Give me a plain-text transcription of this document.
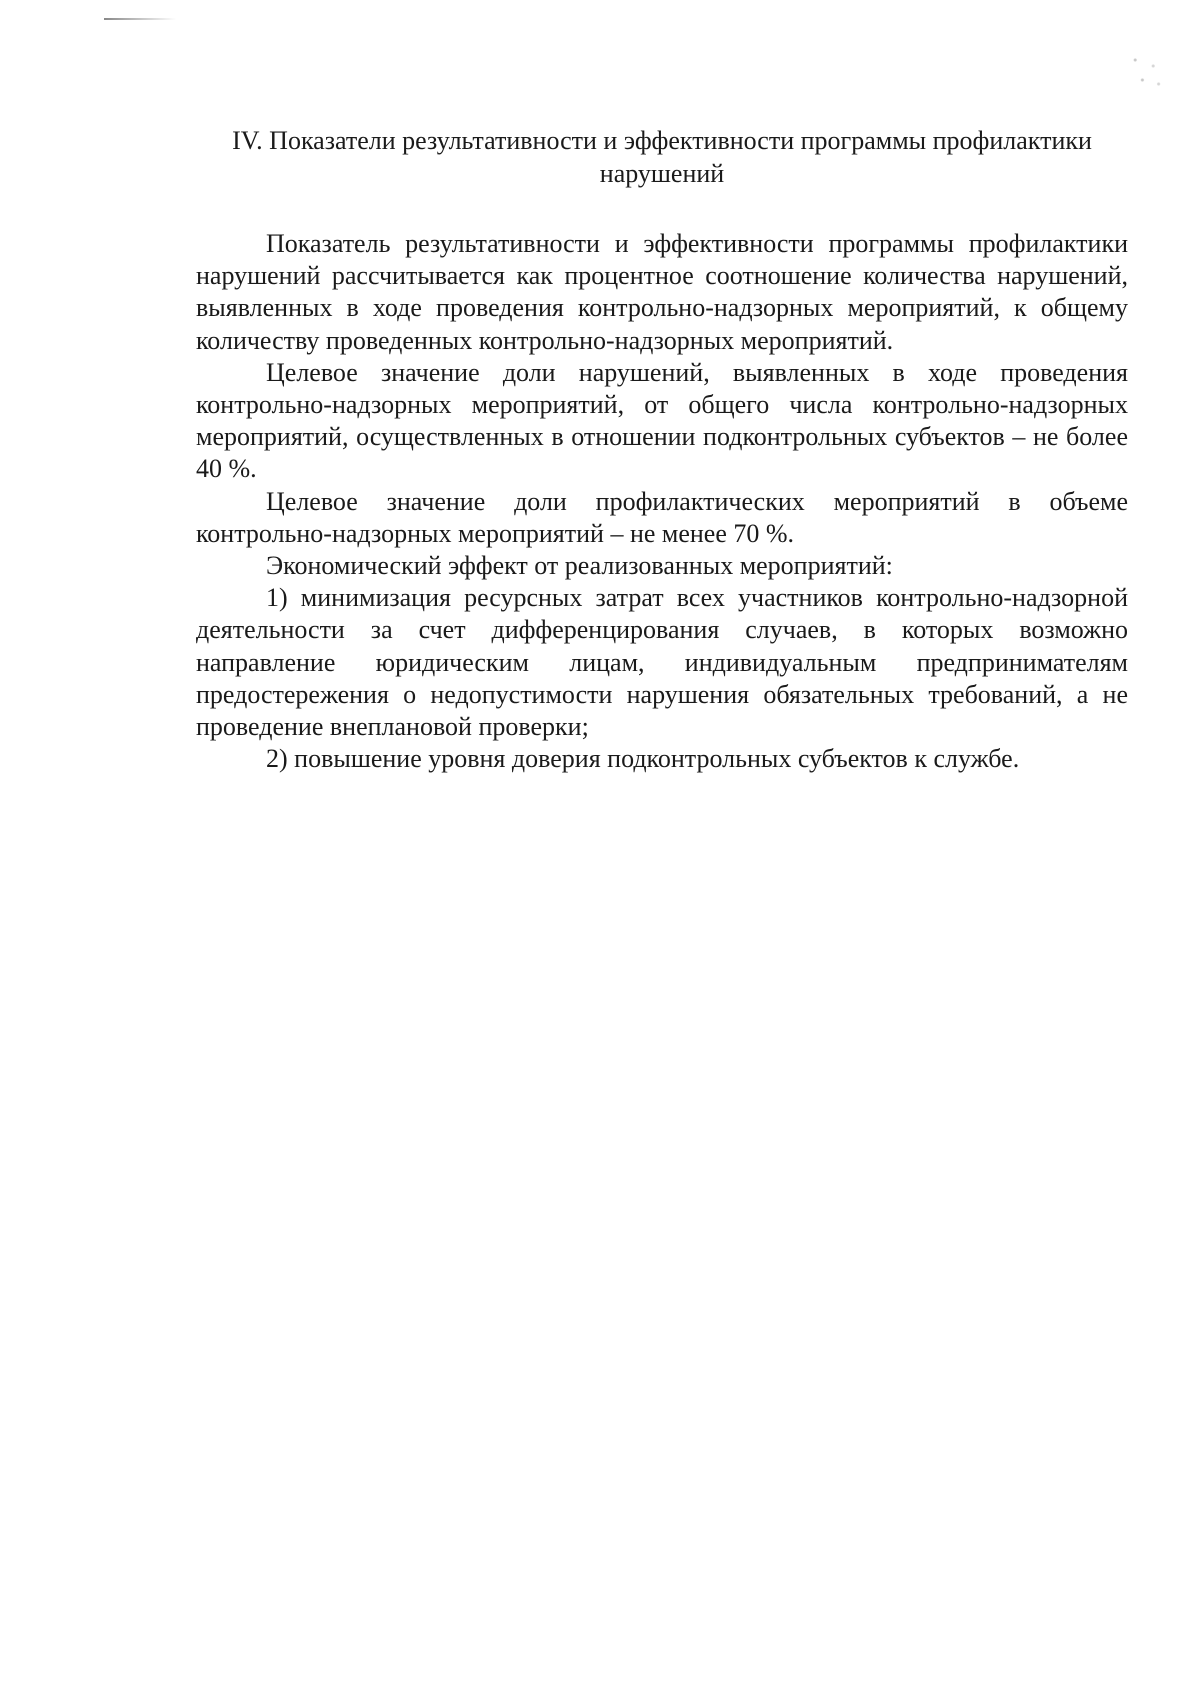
IV. Показатели результативности и эффективности программы профилактики
нарушений

Показатель результативности и эффективности программы профилактики нарушений рассчитывается как процентное соотношение количества нарушений, выявленных в ходе проведения контрольно-надзорных мероприятий, к общему количеству проведенных контрольно-надзорных мероприятий.

Целевое значение доли нарушений, выявленных в ходе проведения контрольно-надзорных мероприятий, от общего числа контрольно-надзорных мероприятий, осуществленных в отношении подконтрольных субъектов – не более 40 %.

Целевое значение доли профилактических мероприятий в объеме контрольно-надзорных мероприятий – не менее 70 %.

Экономический эффект от реализованных мероприятий:

1) минимизация ресурсных затрат всех участников контрольно-надзорной деятельности за счет дифференцирования случаев, в которых возможно направление юридическим лицам, индивидуальным предпринимателям предостережения о недопустимости нарушения обязательных требований, а не проведение внеплановой проверки;

2) повышение уровня доверия подконтрольных субъектов к службе.
